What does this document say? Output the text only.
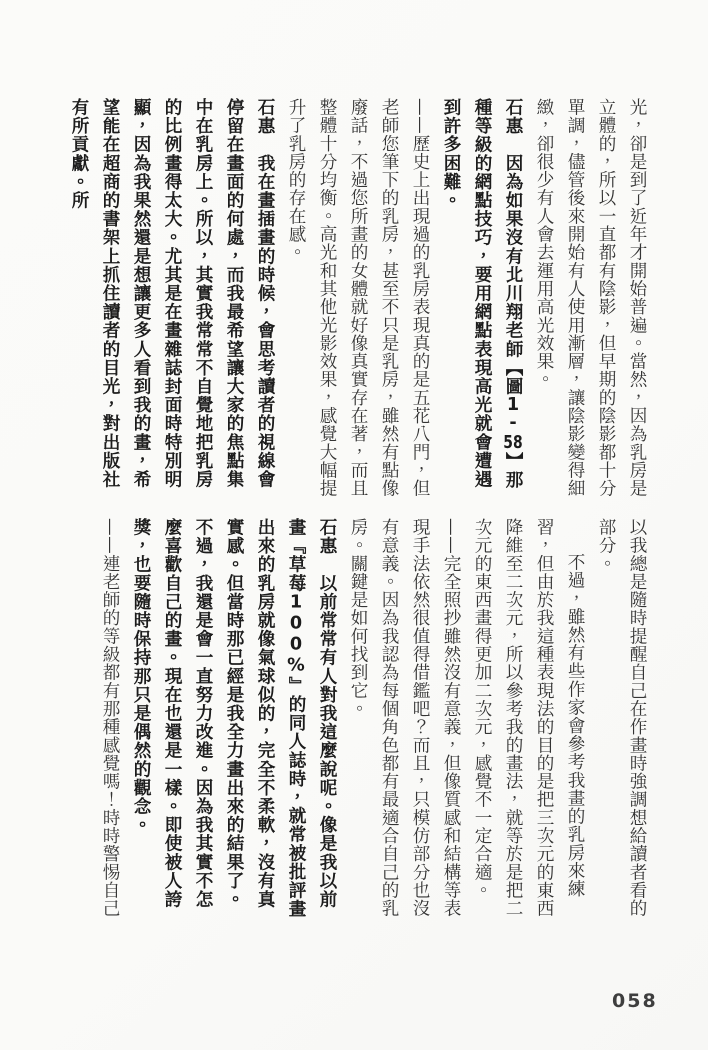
光，卻是到了近年才開始普遍。當然，因為乳房是立體的，所以一直都有陰影，但早期的陰影都十分單調，儘管後來開始有人使用漸層，讓陰影變得細緻，卻很少有人會去運用高光效果。

石惠　因為如果沒有北川翔老師【圖1-58】那種等級的網點技巧，要用網點表現高光就會遭遇到許多困難。

——歷史上出現過的乳房表現真的是五花八門，但老師您筆下的乳房，甚至不只是乳房，雖然有點像廢話，不過您所畫的女體就好像真實存在著，而且整體十分均衡。高光和其他光影效果，感覺大幅提升了乳房的存在感。

石惠　我在畫插畫的時候，會思考讀者的視線會停留在畫面的何處，而我最希望讓大家的焦點集中在乳房上。所以，其實我常常不自覺地把乳房的比例畫得太大。尤其是在畫雜誌封面時特別明顯，因為我果然還是想讓更多人看到我的畫，希望能在超商的書架上抓住讀者的目光，對出版社有所貢獻。所

以我總是隨時提醒自己在作畫時強調想給讀者看的部分。

不過，雖然有些作家會參考我畫的乳房來練習，但由於我這種表現法的目的是把三次元的東西降維至二次元，所以參考我的畫法，就等於是把二次元的東西畫得更加二次元，感覺不一定合適。

——完全照抄雖然沒有意義，但像質感和結構等表現手法依然很值得借鑑吧？而且，只模仿部分也沒有意義。因為我認為每個角色都有最適合自己的乳房。關鍵是如何找到它。

石惠　以前常常有人對我這麼說呢。像是我以前畫『草莓100%』的同人誌時，就常被批評畫出來的乳房就像氣球似的，完全不柔軟，沒有真實感。但當時那已經是我全力畫出來的結果了。不過，我還是會一直努力改進。因為我其實不怎麼喜歡自己的畫。現在也還是一樣。即使被人誇獎，也要隨時保持那只是偶然的觀念。

——連老師的等級都有那種感覺嗎！時時警惕自己

058
